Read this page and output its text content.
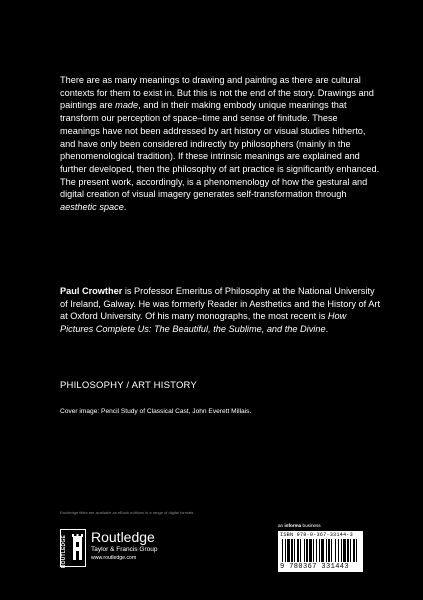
There are as many meanings to drawing and painting as there are cultural contexts for them to exist in. But this is not the end of the story. Drawings and paintings are made, and in their making embody unique meanings that transform our perception of space–time and sense of finitude. These meanings have not been addressed by art history or visual studies hitherto, and have only been considered indirectly by philosophers (mainly in the phenomenological tradition). If these intrinsic meanings are explained and further developed, then the philosophy of art practice is significantly enhanced. The present work, accordingly, is a phenomenology of how the gestural and digital creation of visual imagery generates self-transformation through aesthetic space.

Paul Crowther is Professor Emeritus of Philosophy at the National University of Ireland, Galway. He was formerly Reader in Aesthetics and the History of Art at Oxford University. Of his many monographs, the most recent is How Pictures Complete Us: The Beautiful, the Sublime, and the Divine.

PHILOSOPHY / ART HISTORY

Cover image: Pencil Study of Classical Cast, John Everett Millais.

Routledge titles are available as eBook editions in a range of digital formats

an informa business

ROUTLEDGE Routledge

Taylor & Francis Group

www.routledge.com

ISBN 978-0-367-33144-3

9 780367 331443
